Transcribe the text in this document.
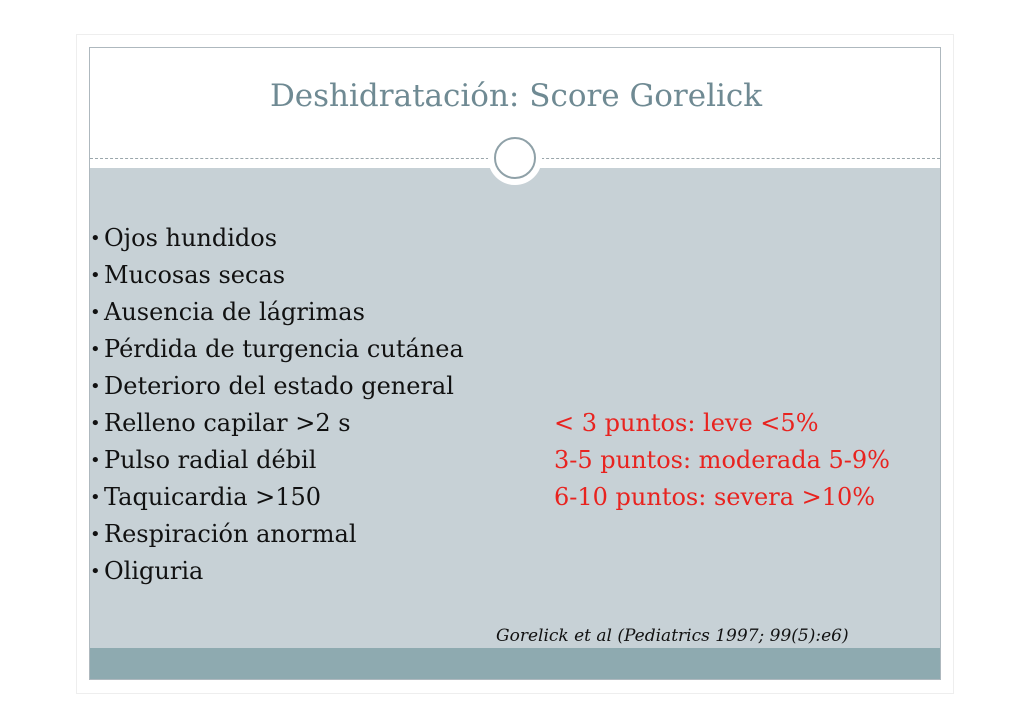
Deshidratación: Score Gorelick
• Ojos hundidos
• Mucosas secas
• Ausencia de lágrimas
• Pérdida de turgencia cutánea
• Deterioro del estado general
• Relleno capilar >2 s
• Pulso radial débil
• Taquicardia >150
• Respiración anormal
• Oliguria
< 3 puntos: leve <5%
3-5 puntos: moderada 5-9%
6-10 puntos: severa >10%
Gorelick et al (Pediatrics 1997; 99(5):e6)
